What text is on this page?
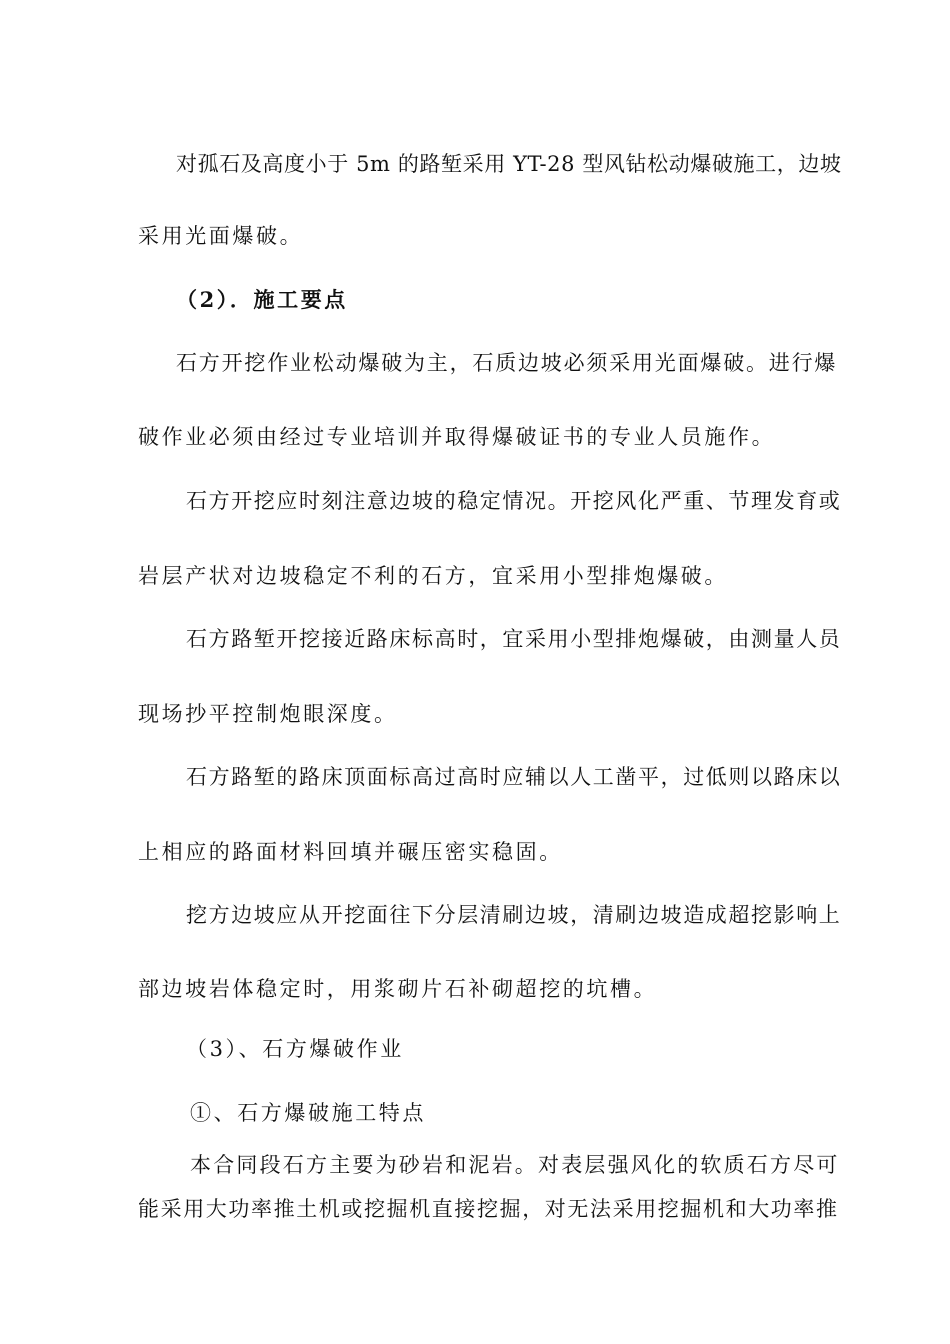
对孤石及高度小于 5m 的路堑采用 YT-28 型风钻松动爆破施工，边坡
采用光面爆破。
（2）．施工要点
石方开挖作业松动爆破为主，石质边坡必须采用光面爆破。进行爆
破作业必须由经过专业培训并取得爆破证书的专业人员施作。
石方开挖应时刻注意边坡的稳定情况。开挖风化严重、节理发育或
岩层产状对边坡稳定不利的石方，宜采用小型排炮爆破。
石方路堑开挖接近路床标高时，宜采用小型排炮爆破，由测量人员
现场抄平控制炮眼深度。
石方路堑的路床顶面标高过高时应辅以人工凿平，过低则以路床以
上相应的路面材料回填并碾压密实稳固。
挖方边坡应从开挖面往下分层清刷边坡，清刷边坡造成超挖影响上
部边坡岩体稳定时，用浆砌片石补砌超挖的坑槽。
（3）、石方爆破作业
①、石方爆破施工特点
本合同段石方主要为砂岩和泥岩。对表层强风化的软质石方尽可
能采用大功率推土机或挖掘机直接挖掘，对无法采用挖掘机和大功率推
